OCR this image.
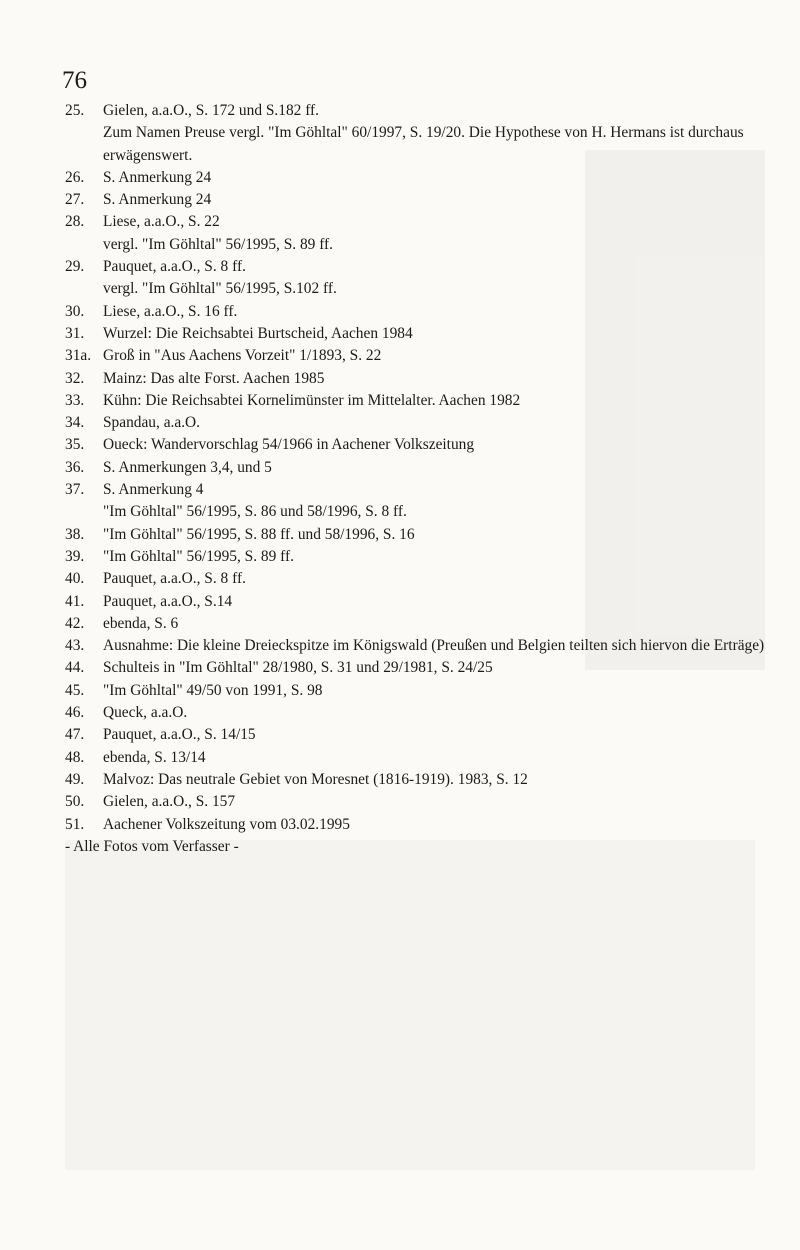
76
25.	Gielen, a.a.O., S. 172 und S.182 ff.
Zum Namen Preuse vergl. "Im Göhltal" 60/1997, S. 19/20. Die Hypothese von H. Hermans ist durchaus erwägenswert.
26.	S. Anmerkung 24
27.	S. Anmerkung 24
28.	Liese, a.a.O., S. 22
vergl. "Im Göhltal" 56/1995, S. 89 ff.
29.	Pauquet, a.a.O., S. 8 ff.
vergl. "Im Göhltal" 56/1995, S.102 ff.
30.	Liese, a.a.O., S. 16 ff.
31.	Wurzel: Die Reichsabtei Burtscheid, Aachen 1984
31a. Groß in "Aus Aachens Vorzeit" 1/1893, S. 22
32.	Mainz: Das alte Forst. Aachen 1985
33.	Kühn: Die Reichsabtei Kornelimünster im Mittelalter. Aachen 1982
34.	Spandau, a.a.O.
35.	Oueck: Wandervorschlag 54/1966 in Aachener Volkszeitung
36.	S. Anmerkungen 3,4, und 5
37.	S. Anmerkung 4
"Im Göhltal" 56/1995, S. 86 und 58/1996, S. 8 ff.
38.	"Im Göhltal" 56/1995, S. 88 ff. und 58/1996, S. 16
39.	"Im Göhltal" 56/1995, S. 89 ff.
40.	Pauquet, a.a.O., S. 8 ff.
41.	Pauquet, a.a.O., S.14
42.	ebenda, S. 6
43.	Ausnahme: Die kleine Dreieckspitze im Königswald (Preußen und Belgien teilten sich hiervon die Erträge)
44.	Schulteis in "Im Göhltal" 28/1980, S. 31 und 29/1981, S. 24/25
45.	"Im Göhltal" 49/50 von 1991, S. 98
46.	Queck, a.a.O.
47.	Pauquet, a.a.O., S. 14/15
48.	ebenda, S. 13/14
49.	Malvoz: Das neutrale Gebiet von Moresnet (1816-1919). 1983, S. 12
50.	Gielen, a.a.O., S. 157
51.	Aachener Volkszeitung vom 03.02.1995
- Alle Fotos vom Verfasser -
